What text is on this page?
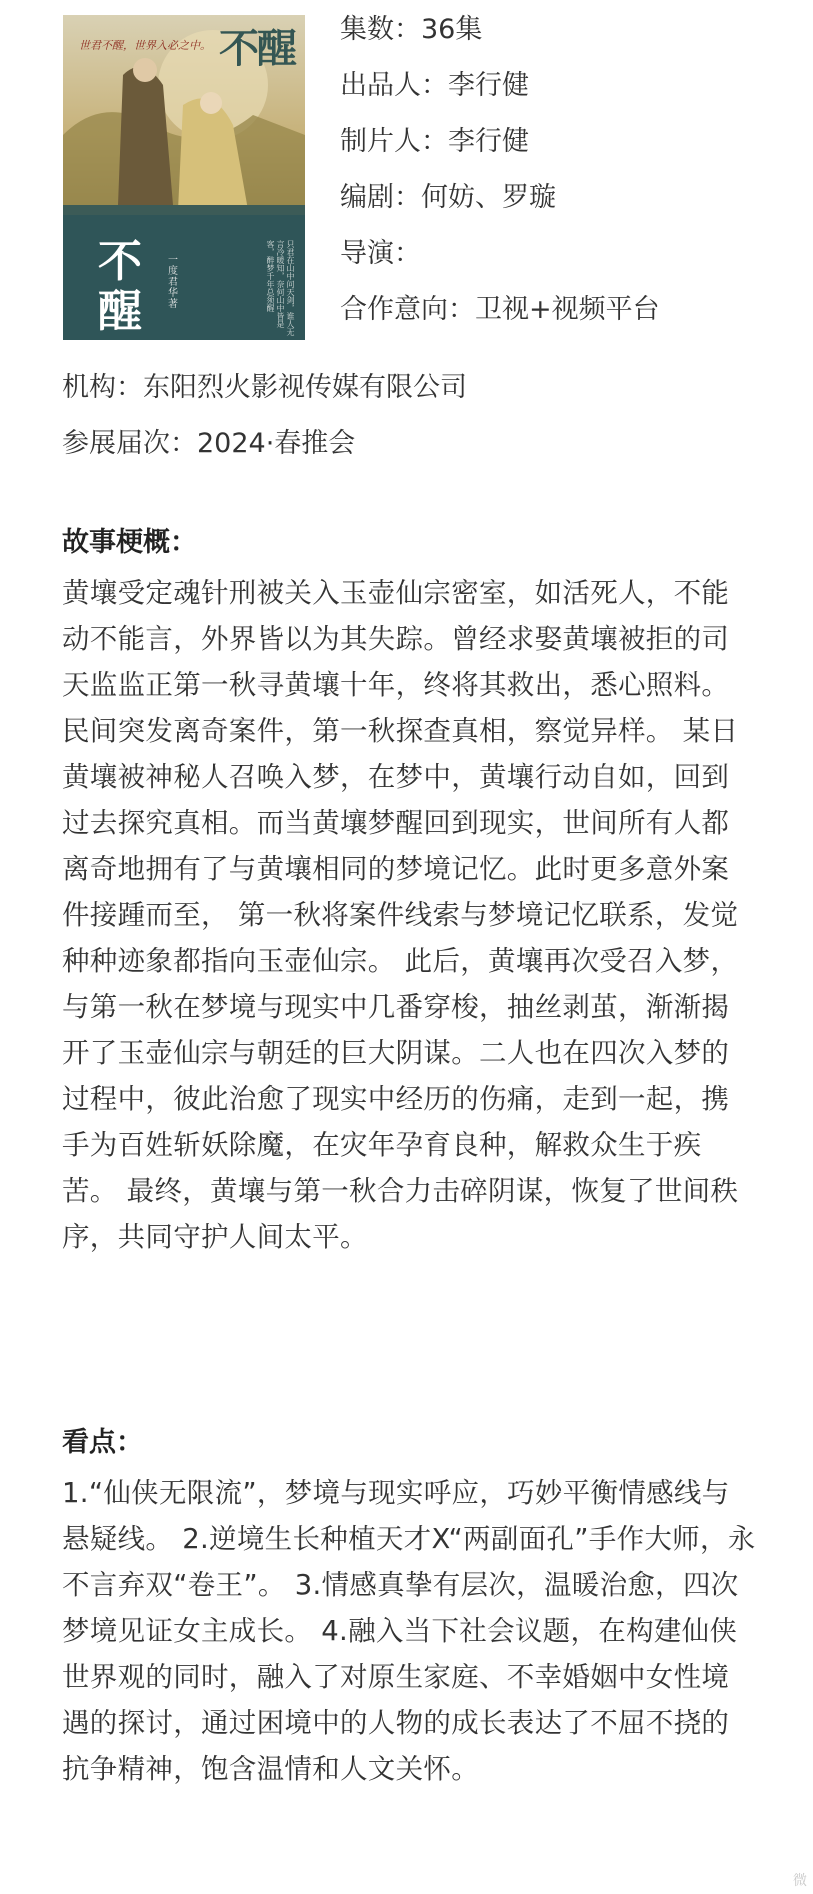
世君不醒，世界入必之中。 不醒
不醒
一度君华 著	只君在山中问天剑，谁人无言冷暖知，奈何山中皆是客，醉梦千年总须醒
集数：36集
出品人：李行健
制片人：李行健
编剧：何妨、罗璇
导演：
合作意向：卫视+视频平台
机构：东阳烈火影视传媒有限公司
参展届次：2024·春推会
故事梗概：
黄壤受定魂针刑被关入玉壶仙宗密室，如活死人，不能动不能言，外界皆以为其失踪。曾经求娶黄壤被拒的司天监监正第一秋寻黄壤十年，终将其救出，悉心照料。民间突发离奇案件，第一秋探查真相，察觉异样。 某日黄壤被神秘人召唤入梦，在梦中，黄壤行动自如，回到过去探究真相。而当黄壤梦醒回到现实，世间所有人都离奇地拥有了与黄壤相同的梦境记忆。此时更多意外案件接踵而至， 第一秋将案件线索与梦境记忆联系，发觉种种迹象都指向玉壶仙宗。 此后，黄壤再次受召入梦，与第一秋在梦境与现实中几番穿梭，抽丝剥茧，渐渐揭开了玉壶仙宗与朝廷的巨大阴谋。二人也在四次入梦的过程中，彼此治愈了现实中经历的伤痛，走到一起，携手为百姓斩妖除魔，在灾年孕育良种，解救众生于疾苦。 最终，黄壤与第一秋合力击碎阴谋，恢复了世间秩序，共同守护人间太平。
看点：
1.“仙侠无限流”，梦境与现实呼应，巧妙平衡情感线与悬疑线。 2.逆境生长种植天才X“两副面孔”手作大师，永不言弃双“卷王”。 3.情感真挚有层次，温暖治愈，四次梦境见证女主成长。 4.融入当下社会议题，在构建仙侠世界观的同时，融入了对原生家庭、不幸婚姻中女性境遇的探讨，通过困境中的人物的成长表达了不屈不挠的抗争精神，饱含温情和人文关怀。
微
